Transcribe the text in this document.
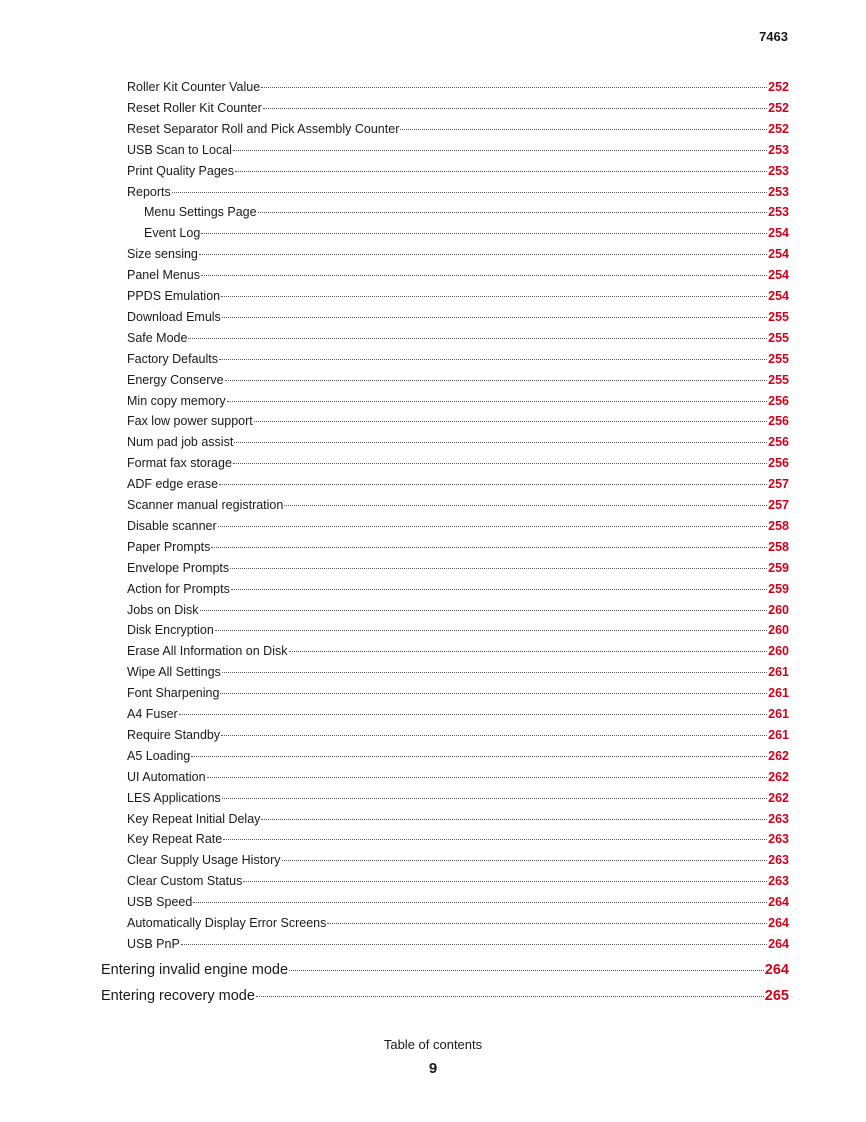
7463
Roller Kit Counter Value	252
Reset Roller Kit Counter	252
Reset Separator Roll and Pick Assembly Counter	252
USB Scan to Local	253
Print Quality Pages	253
Reports	253
Menu Settings Page	253
Event Log	254
Size sensing	254
Panel Menus	254
PPDS Emulation	254
Download Emuls	255
Safe Mode	255
Factory Defaults	255
Energy Conserve	255
Min copy memory	256
Fax low power support	256
Num pad job assist	256
Format fax storage	256
ADF edge erase	257
Scanner manual registration	257
Disable scanner	258
Paper Prompts	258
Envelope Prompts	259
Action for Prompts	259
Jobs on Disk	260
Disk Encryption	260
Erase All Information on Disk	260
Wipe All Settings	261
Font Sharpening	261
A4 Fuser	261
Require Standby	261
A5 Loading	262
UI Automation	262
LES Applications	262
Key Repeat Initial Delay	263
Key Repeat Rate	263
Clear Supply Usage History	263
Clear Custom Status	263
USB Speed	264
Automatically Display Error Screens	264
USB PnP	264
Entering invalid engine mode	264
Entering recovery mode	265
Table of contents
9
